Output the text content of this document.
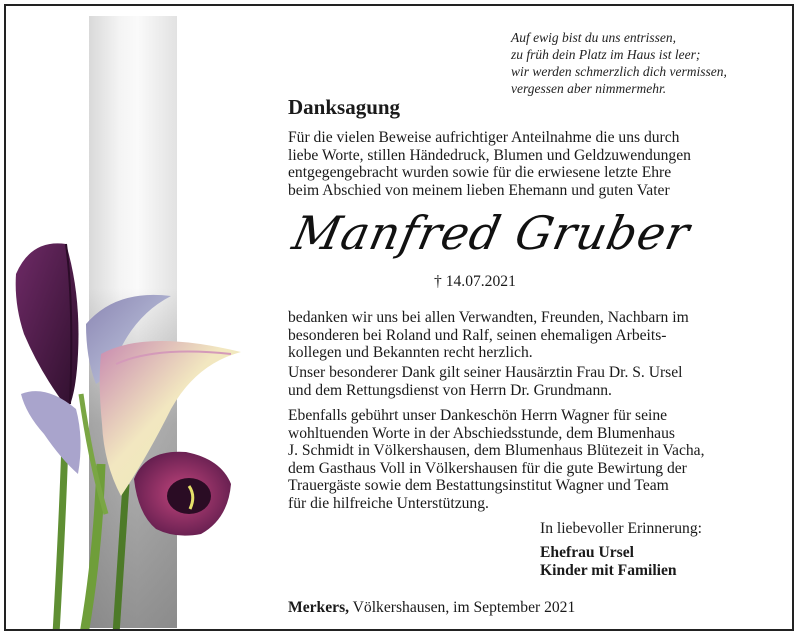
Auf ewig bist du uns entrissen,
zu früh dein Platz im Haus ist leer;
wir werden schmerzlich dich vermissen,
vergessen aber nimmermehr.
Danksagung
Für die vielen Beweise aufrichtiger Anteilnahme die uns durch
liebe Worte, stillen Händedruck, Blumen und Geldzuwendungen
entgegengebracht wurden sowie für die erwiesene letzte Ehre
beim Abschied von meinem lieben Ehemann und guten Vater
Manfred Gruber
† 14.07.2021
bedanken wir uns bei allen Verwandten, Freunden, Nachbarn im
besonderen bei Roland und Ralf, seinen ehemaligen Arbeits-
kollegen und Bekannten recht herzlich.
Unser besonderer Dank gilt seiner Hausärztin Frau Dr. S. Ursel
und dem Rettungsdienst von Herrn Dr. Grundmann.
Ebenfalls gebührt unser Dankeschön Herrn Wagner für seine
wohltuenden Worte in der Abschiedsstunde, dem Blumenhaus
J. Schmidt in Völkershausen, dem Blumenhaus Blütezeit in Vacha,
dem Gasthaus Voll in Völkershausen für die gute Bewirtung der
Trauergäste sowie dem Bestattungsinstitut Wagner und Team
für die hilfreiche Unterstützung.
In liebevoller Erinnerung:
Ehefrau Ursel
Kinder mit Familien
Merkers, Völkershausen, im September 2021
